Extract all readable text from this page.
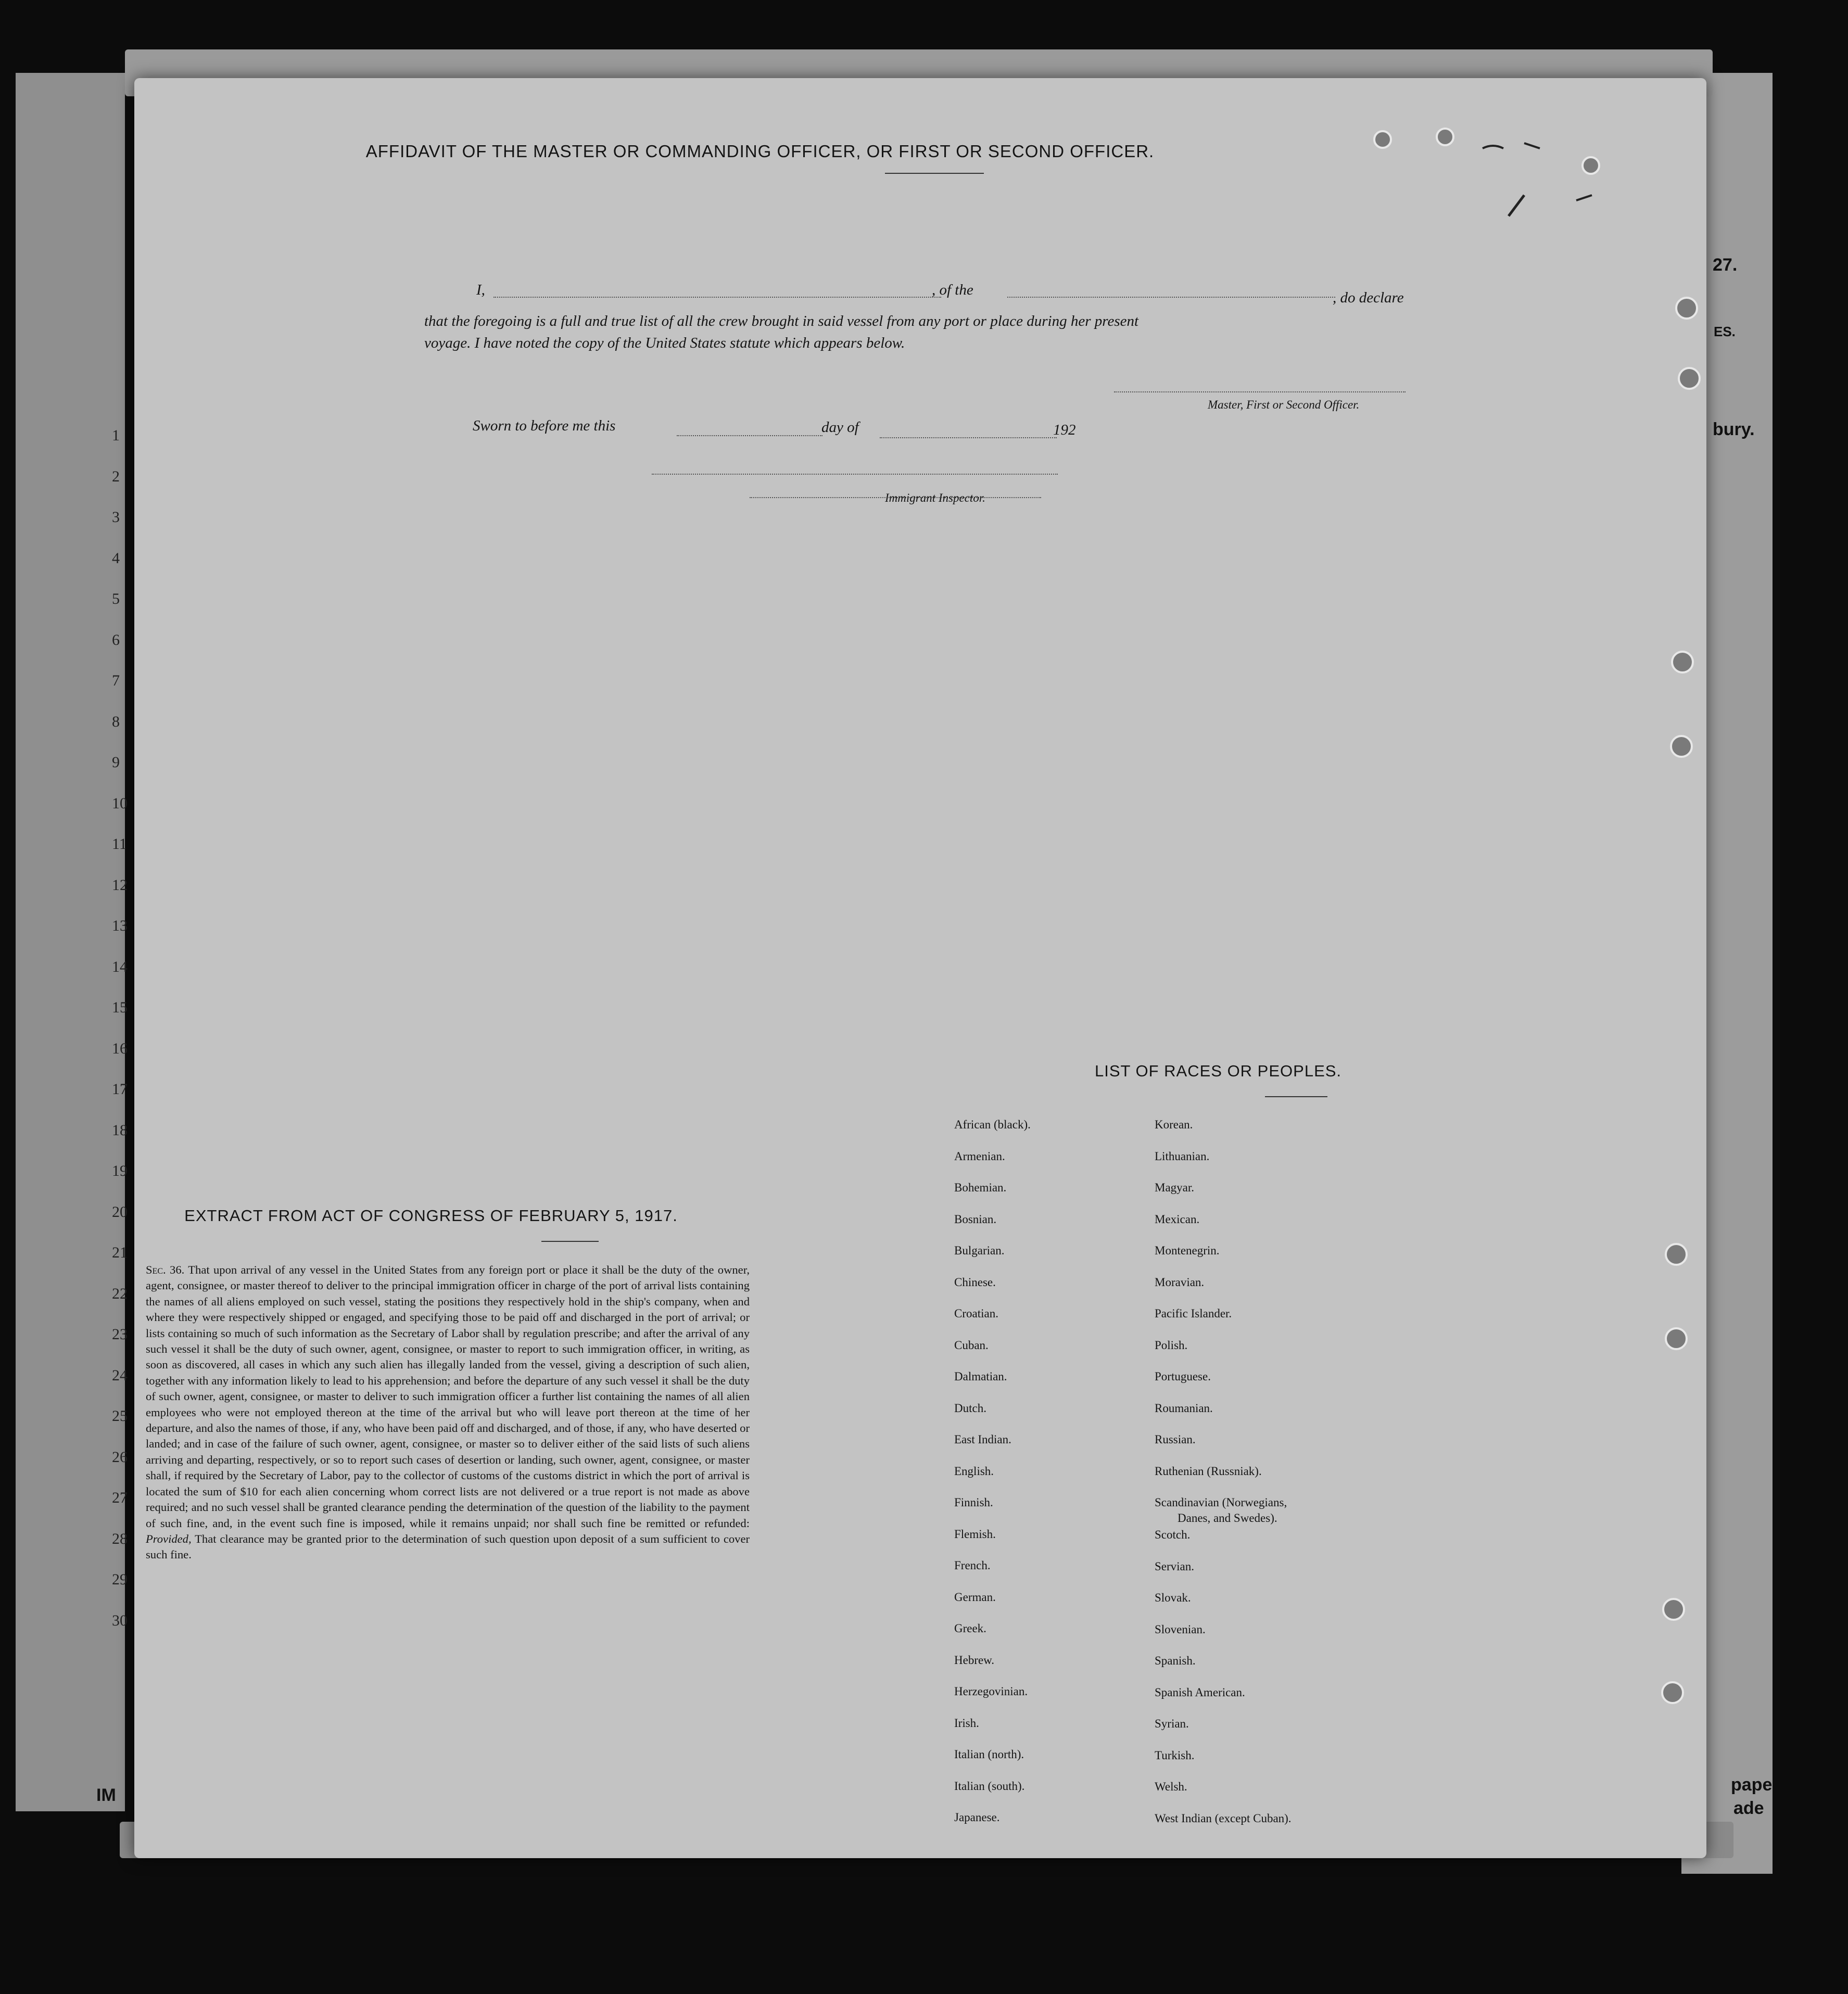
1
2
3
4
5
6
7
8
9
10
11
12
13
14
15
16
17
18
19
20
21
22
23
24
25
26
27
28
29
30
27.
ES.
bury.
pape
ade
IM
AFFIDAVIT OF THE MASTER OR COMMANDING OFFICER, OR FIRST OR SECOND OFFICER.
I,	, of the	, do declare
that the foregoing is a full and true list of all the crew brought in said vessel from any port or place during her present
voyage. I have noted the copy of the United States statute which appears below.
Master, First or Second Officer.
Sworn to before me this	day of	192
Immigrant Inspector.
EXTRACT FROM ACT OF CONGRESS OF FEBRUARY 5, 1917.
Sec. 36. That upon arrival of any vessel in the United States from any foreign port or place it shall be the duty of the owner, agent, consignee, or master thereof to deliver to the principal immigration officer in charge of the port of arrival lists containing the names of all aliens employed on such vessel, stating the positions they respectively hold in the ship's company, when and where they were respectively shipped or engaged, and specifying those to be paid off and discharged in the port of arrival; or lists containing so much of such information as the Secretary of Labor shall by regulation prescribe; and after the arrival of any such vessel it shall be the duty of such owner, agent, consignee, or master to report to such immigration officer, in writing, as soon as discovered, all cases in which any such alien has illegally landed from the vessel, giving a description of such alien, together with any information likely to lead to his apprehension; and before the departure of any such vessel it shall be the duty of such owner, agent, consignee, or master to deliver to such immigration officer a further list containing the names of all alien employees who were not employed thereon at the time of the arrival but who will leave port thereon at the time of her departure, and also the names of those, if any, who have been paid off and discharged, and of those, if any, who have deserted or landed; and in case of the failure of such owner, agent, consignee, or master so to deliver either of the said lists of such aliens arriving and departing, respectively, or so to report such cases of desertion or landing, such owner, agent, consignee, or master shall, if required by the Secretary of Labor, pay to the collector of customs of the customs district in which the port of arrival is located the sum of $10 for each alien concerning whom correct lists are not delivered or a true report is not made as above required; and no such vessel shall be granted clearance pending the determination of the question of the liability to the payment of such fine, and, in the event such fine is imposed, while it remains unpaid; nor shall such fine be remitted or refunded: Provided, That clearance may be granted prior to the determination of such question upon deposit of a sum sufficient to cover such fine.
LIST OF RACES OR PEOPLES.
African (black).
Armenian.
Bohemian.
Bosnian.
Bulgarian.
Chinese.
Croatian.
Cuban.
Dalmatian.
Dutch.
East Indian.
English.
Finnish.
Flemish.
French.
German.
Greek.
Hebrew.
Herzegovinian.
Irish.
Italian (north).
Italian (south).
Japanese.
Korean.
Lithuanian.
Magyar.
Mexican.
Montenegrin.
Moravian.
Pacific Islander.
Polish.
Portuguese.
Roumanian.
Russian.
Ruthenian (Russniak).
Scandinavian (Norwegians,
Danes, and Swedes).
Scotch.
Servian.
Slovak.
Slovenian.
Spanish.
Spanish American.
Syrian.
Turkish.
Welsh.
West Indian (except Cuban).
